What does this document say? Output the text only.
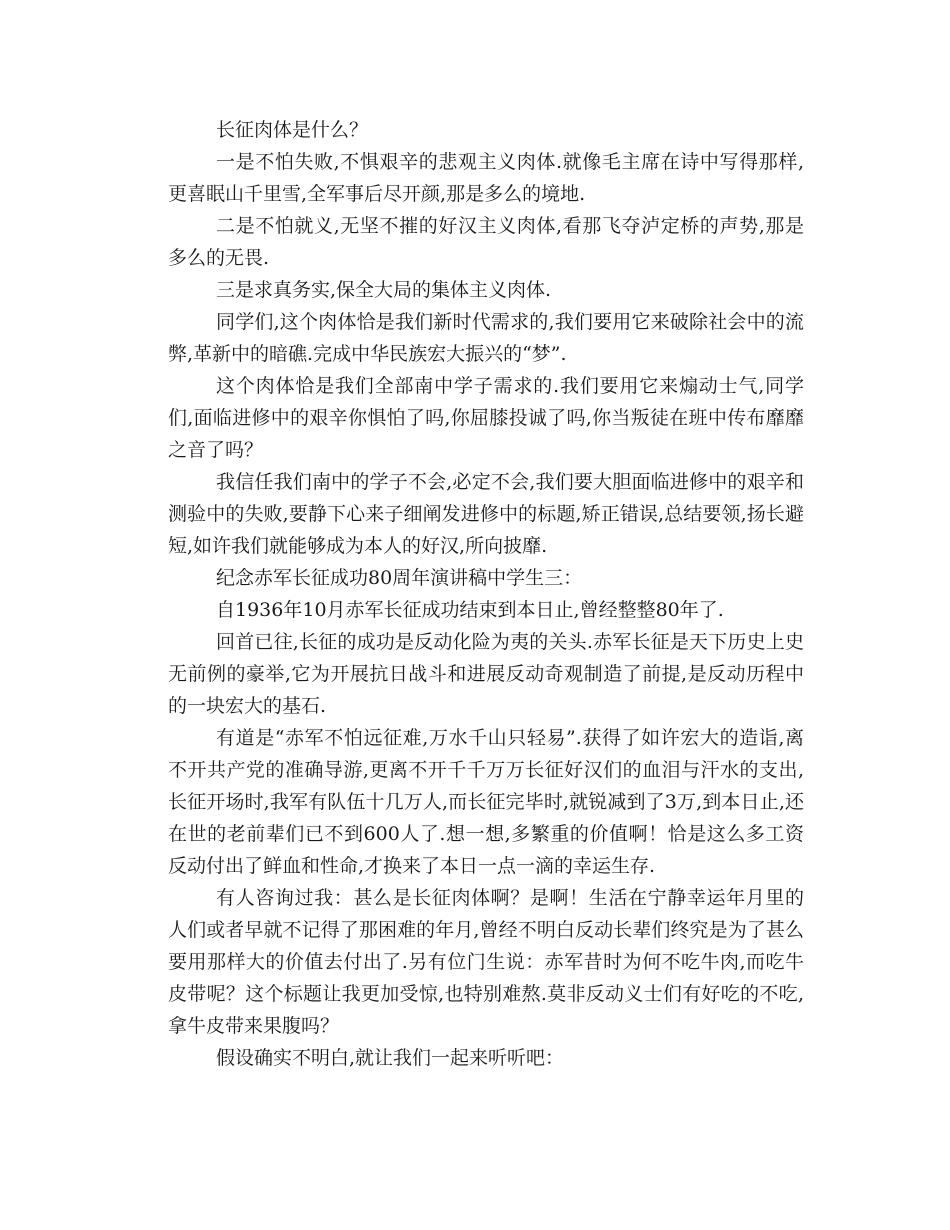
长征肉体是什么？

一是不怕失败,不惧艰辛的悲观主义肉体.就像毛主席在诗中写得那样,更喜眠山千里雪,全军事后尽开颜,那是多么的境地.

二是不怕就义,无坚不摧的好汉主义肉体,看那飞夺泸定桥的声势,那是多么的无畏.

三是求真务实,保全大局的集体主义肉体.

同学们,这个肉体恰是我们新时代需求的,我们要用它来破除社会中的流弊,革新中的暗礁.完成中华民族宏大振兴的“梦”.

这个肉体恰是我们全部南中学子需求的.我们要用它来煽动士气,同学们,面临进修中的艰辛你惧怕了吗,你屈膝投诚了吗,你当叛徒在班中传布靡靡之音了吗？

我信任我们南中的学子不会,必定不会,我们要大胆面临进修中的艰辛和测验中的失败,要静下心来子细阐发进修中的标题,矫正错误,总结要领,扬长避短,如许我们就能够成为本人的好汉,所向披靡.

纪念赤军长征成功80周年演讲稿中学生三：

自1936年10月赤军长征成功结束到本日止,曾经整整80年了.

回首已往,长征的成功是反动化险为夷的关头.赤军长征是天下历史上史无前例的豪举,它为开展抗日战斗和进展反动奇观制造了前提,是反动历程中的一块宏大的基石.

有道是“赤军不怕远征难,万水千山只轻易”.获得了如许宏大的造诣,离不开共产党的准确导游,更离不开千千万万长征好汉们的血泪与汗水的支出,长征开场时,我军有队伍十几万人,而长征完毕时,就锐减到了3万,到本日止,还在世的老前辈们已不到600人了.想一想,多繁重的价值啊！恰是这么多工资反动付出了鲜血和性命,才换来了本日一点一滴的幸运生存.

有人咨询过我：甚么是长征肉体啊？是啊！生活在宁静幸运年月里的人们或者早就不记得了那困难的年月,曾经不明白反动长辈们终究是为了甚么要用那样大的价值去付出了.另有位门生说：赤军昔时为何不吃牛肉,而吃牛皮带呢？这个标题让我更加受惊,也特别难熬.莫非反动义士们有好吃的不吃,拿牛皮带来果腹吗？

假设确实不明白,就让我们一起来听听吧：
